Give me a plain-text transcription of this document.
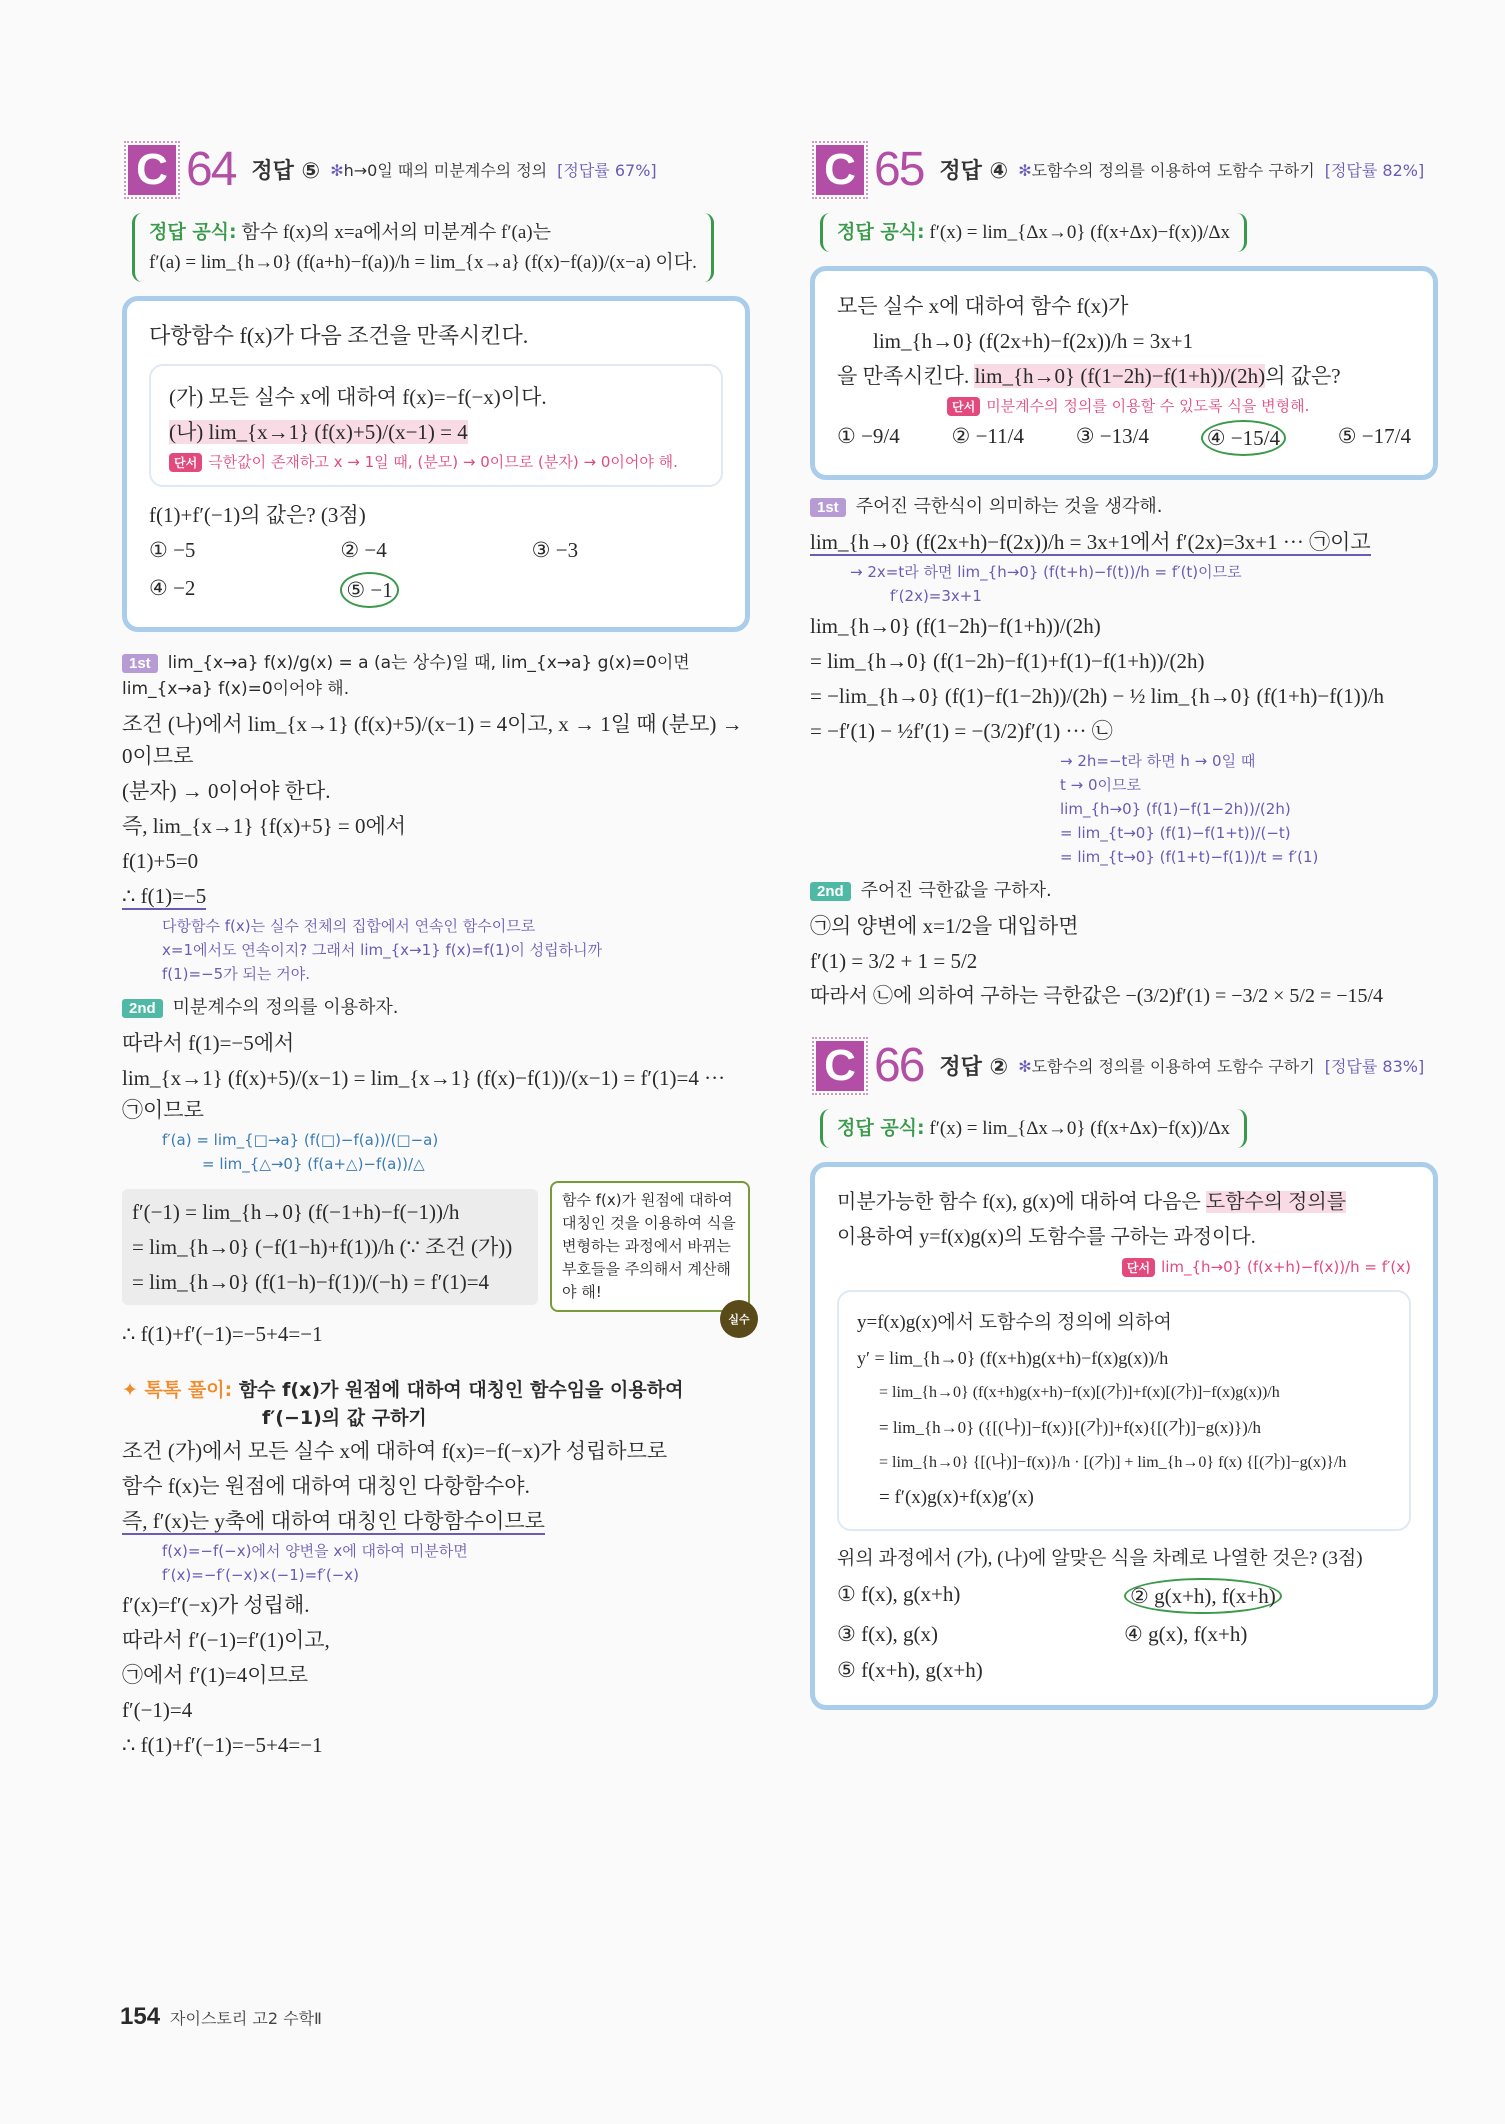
C 64 정답 ⑤ ✻h→0일 때의 미분계수의 정의 [정답률 67%]
정답 공식: 함수 f(x)의 x=a에서의 미분계수 f′(a)는
f′(a) = lim_{h→0} (f(a+h)−f(a))/h = lim_{x→a} (f(x)−f(a))/(x−a) 이다.
다항함수 f(x)가 다음 조건을 만족시킨다.
(가) 모든 실수 x에 대하여 f(x)=−f(−x)이다.
(나) lim_{x→1} (f(x)+5)/(x−1) = 4
단서 극한값이 존재하고 x → 1일 때, (분모) → 0이므로 (분자) → 0이어야 해.
f(1)+f′(−1)의 값은? (3점)
① −5	② −4	③ −3
④ −2	⑤ −1
1st lim_{x→a} f(x)/g(x) = a (a는 상수)일 때, lim_{x→a} g(x)=0이면 lim_{x→a} f(x)=0이어야 해.
조건 (나)에서 lim_{x→1} (f(x)+5)/(x−1) = 4이고, x → 1일 때 (분모) → 0이므로
(분자) → 0이어야 한다.
즉, lim_{x→1} {f(x)+5} = 0에서
f(1)+5=0
∴ f(1)=−5
다항함수 f(x)는 실수 전체의 집합에서 연속인 함수이므로
x=1에서도 연속이지? 그래서 lim_{x→1} f(x)=f(1)이 성립하니까
f(1)=−5가 되는 거야.
2nd 미분계수의 정의를 이용하자.
따라서 f(1)=−5에서
lim_{x→1} (f(x)+5)/(x−1) = lim_{x→1} (f(x)−f(1))/(x−1) = f′(1)=4 ··· ㉠이므로
f′(a) = lim_{□→a} (f(□)−f(a))/(□−a)
= lim_{△→0} (f(a+△)−f(a))/△
f′(−1) = lim_{h→0} (f(−1+h)−f(−1))/h
= lim_{h→0} (−f(1−h)+f(1))/h (∵ 조건 (가))
= lim_{h→0} (f(1−h)−f(1))/(−h) = f′(1)=4
함수 f(x)가 원점에 대하여 대칭인 것을 이용하여 식을 변형하는 과정에서 바뀌는 부호들을 주의해서 계산해야 해!
실수
∴ f(1)+f′(−1)=−5+4=−1
✦ 톡톡 풀이: 함수 f(x)가 원점에 대하여 대칭인 함수임을 이용하여
f′(−1)의 값 구하기
조건 (가)에서 모든 실수 x에 대하여 f(x)=−f(−x)가 성립하므로
함수 f(x)는 원점에 대하여 대칭인 다항함수야.
즉, f′(x)는 y축에 대하여 대칭인 다항함수이므로
f(x)=−f(−x)에서 양변을 x에 대하여 미분하면
f′(x)=−f′(−x)×(−1)=f′(−x)
f′(x)=f′(−x)가 성립해.
따라서 f′(−1)=f′(1)이고,
㉠에서 f′(1)=4이므로
f′(−1)=4
∴ f(1)+f′(−1)=−5+4=−1
C 65 정답 ④ ✻도함수의 정의를 이용하여 도함수 구하기 [정답률 82%]
정답 공식: f′(x) = lim_{Δx→0} (f(x+Δx)−f(x))/Δx
모든 실수 x에 대하여 함수 f(x)가
lim_{h→0} (f(2x+h)−f(2x))/h = 3x+1
을 만족시킨다. lim_{h→0} (f(1−2h)−f(1+h))/(2h)의 값은?
단서 미분계수의 정의를 이용할 수 있도록 식을 변형해.
① −9/4 ② −11/4 ③ −13/4	④ −15/4	⑤ −17/4
1st 주어진 극한식이 의미하는 것을 생각해.
lim_{h→0} (f(2x+h)−f(2x))/h = 3x+1에서 f′(2x)=3x+1 ··· ㉠이고
→ 2x=t라 하면 lim_{h→0} (f(t+h)−f(t))/h = f′(t)이므로
f′(2x)=3x+1
lim_{h→0} (f(1−2h)−f(1+h))/(2h)
= lim_{h→0} (f(1−2h)−f(1)+f(1)−f(1+h))/(2h)
= −lim_{h→0} (f(1)−f(1−2h))/(2h) − ½ lim_{h→0} (f(1+h)−f(1))/h
= −f′(1) − ½f′(1) = −(3/2)f′(1) ··· ㉡
→ 2h=−t라 하면 h → 0일 때
t → 0이므로
lim_{h→0} (f(1)−f(1−2h))/(2h)
= lim_{t→0} (f(1)−f(1+t))/(−t)
= lim_{t→0} (f(1+t)−f(1))/t = f′(1)
2nd 주어진 극한값을 구하자.
㉠의 양변에 x=1/2을 대입하면
f′(1) = 3/2 + 1 = 5/2
따라서 ㉡에 의하여 구하는 극한값은 −(3/2)f′(1) = −3/2 × 5/2 = −15/4
C 66 정답 ② ✻도함수의 정의를 이용하여 도함수 구하기 [정답률 83%]
정답 공식: f′(x) = lim_{Δx→0} (f(x+Δx)−f(x))/Δx
미분가능한 함수 f(x), g(x)에 대하여 다음은 도함수의 정의를
이용하여 y=f(x)g(x)의 도함수를 구하는 과정이다.
단서 lim_{h→0} (f(x+h)−f(x))/h = f′(x)
y=f(x)g(x)에서 도함수의 정의에 의하여
y′ = lim_{h→0} (f(x+h)g(x+h)−f(x)g(x))/h
= lim_{h→0} (f(x+h)g(x+h)−f(x)[(가)]+f(x)[(가)]−f(x)g(x))/h
= lim_{h→0} ({[(나)]−f(x)}[(가)]+f(x){[(가)]−g(x)})/h
= lim_{h→0} {[(나)]−f(x)}/h · [(가)] + lim_{h→0} f(x) {[(가)]−g(x)}/h
= f′(x)g(x)+f(x)g′(x)
위의 과정에서 (가), (나)에 알맞은 식을 차례로 나열한 것은? (3점)
① f(x), g(x+h)	② g(x+h), f(x+h)
③ f(x), g(x)	④ g(x), f(x+h)
⑤ f(x+h), g(x+h)
154 자이스토리 고2 수학Ⅱ
